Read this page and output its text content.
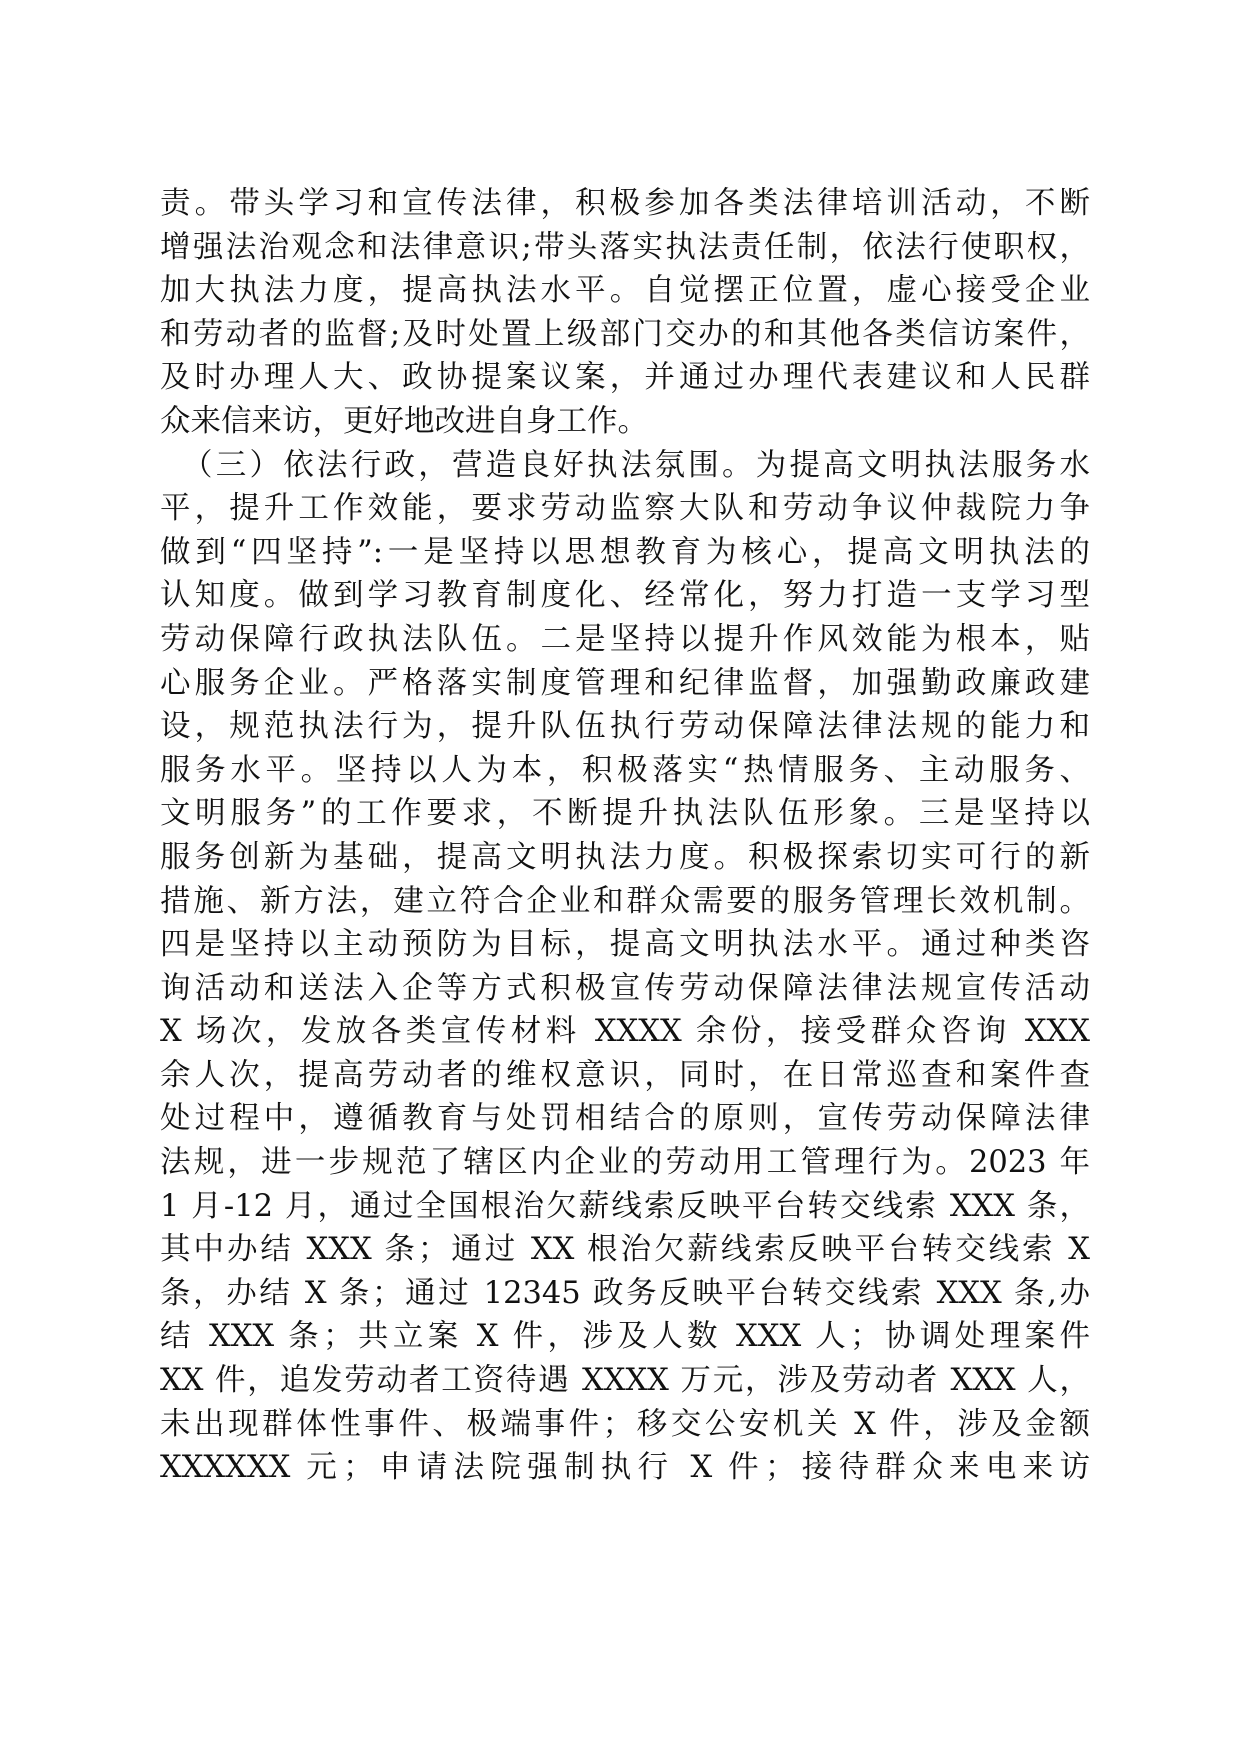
责。带头学习和宣传法律，积极参加各类法律培训活动，不断
增强法治观念和法律意识;带头落实执法责任制，依法行使职权，
加大执法力度，提高执法水平。自觉摆正位置，虚心接受企业
和劳动者的监督;及时处置上级部门交办的和其他各类信访案件，
及时办理人大、政协提案议案，并通过办理代表建议和人民群
众来信来访，更好地改进自身工作。
（三）依法行政，营造良好执法氛围。为提高文明执法服务水
平，提升工作效能，要求劳动监察大队和劳动争议仲裁院力争
做到“四坚持”:一是坚持以思想教育为核心，提高文明执法的
认知度。做到学习教育制度化、经常化，努力打造一支学习型
劳动保障行政执法队伍。二是坚持以提升作风效能为根本，贴
心服务企业。严格落实制度管理和纪律监督，加强勤政廉政建
设，规范执法行为，提升队伍执行劳动保障法律法规的能力和
服务水平。坚持以人为本，积极落实“热情服务、主动服务、
文明服务”的工作要求，不断提升执法队伍形象。三是坚持以
服务创新为基础，提高文明执法力度。积极探索切实可行的新
措施、新方法，建立符合企业和群众需要的服务管理长效机制。
四是坚持以主动预防为目标，提高文明执法水平。通过种类咨
询活动和送法入企等方式积极宣传劳动保障法律法规宣传活动
X 场次，发放各类宣传材料 XXXX 余份，接受群众咨询 XXX
余人次，提高劳动者的维权意识，同时，在日常巡查和案件查
处过程中，遵循教育与处罚相结合的原则，宣传劳动保障法律
法规，进一步规范了辖区内企业的劳动用工管理行为。2023 年
1 月-12 月，通过全国根治欠薪线索反映平台转交线索 XXX 条，
其中办结 XXX 条；通过 XX 根治欠薪线索反映平台转交线索 X
条，办结 X 条；通过 12345 政务反映平台转交线索 XXX 条,办
结 XXX 条；共立案 X 件，涉及人数 XXX 人；协调处理案件
XX 件，追发劳动者工资待遇 XXXX 万元，涉及劳动者 XXX 人，
未出现群体性事件、极端事件；移交公安机关 X 件，涉及金额
XXXXXX 元；申请法院强制执行 X 件；接待群众来电来访
